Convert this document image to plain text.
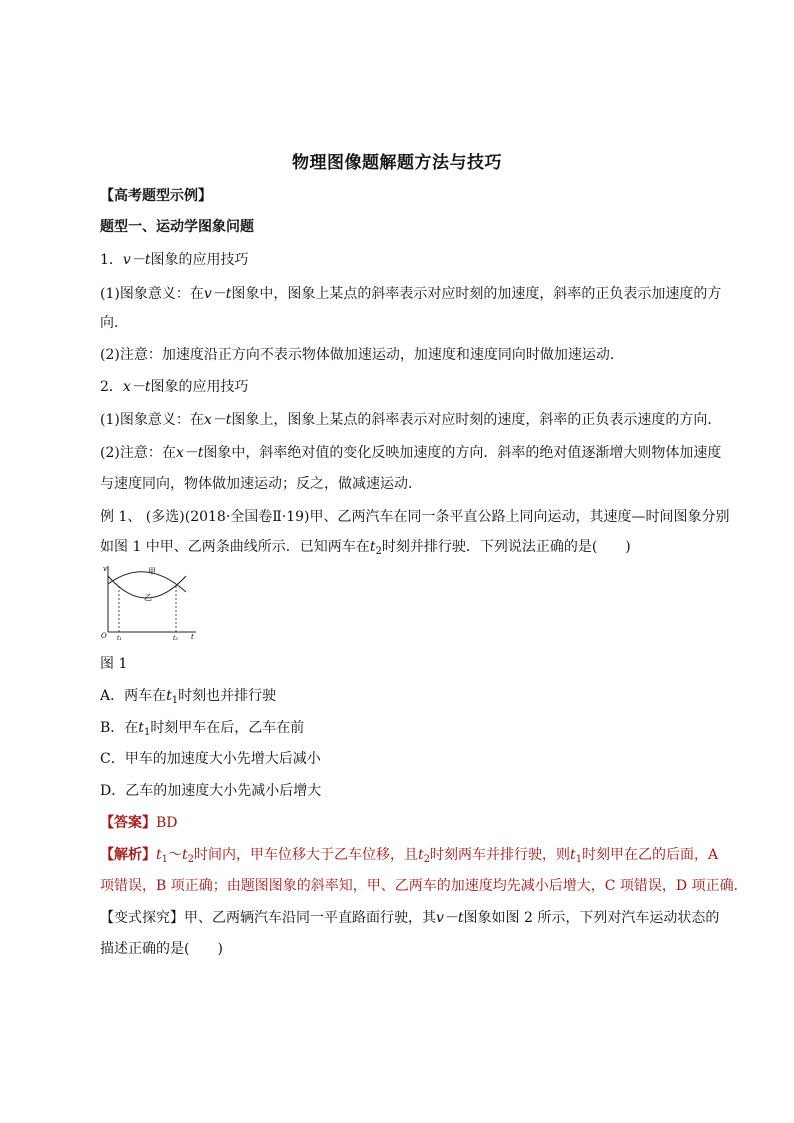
物理图像题解题方法与技巧
【高考题型示例】
题型一、运动学图象问题
1．v－t图象的应用技巧
(1)图象意义：在v－t图象中，图象上某点的斜率表示对应时刻的加速度，斜率的正负表示加速度的方
向．
(2)注意：加速度沿正方向不表示物体做加速运动，加速度和速度同向时做加速运动．
2．x－t图象的应用技巧
(1)图象意义：在x－t图象上，图象上某点的斜率表示对应时刻的速度，斜率的正负表示速度的方向．
(2)注意：在x－t图象中，斜率绝对值的变化反映加速度的方向．斜率的绝对值逐渐增大则物体加速度
与速度同向，物体做加速运动；反之，做减速运动．
例 1、 (多选)(2018·全国卷Ⅱ·19)甲、乙两汽车在同一条平直公路上同向运动，其速度—时间图象分别
如图 1 中甲、乙两条曲线所示．已知两车在$t_2$时刻并排行驶．下列说法正确的是(　　)
v
t
O
甲
乙
t₁	t₂
图 1
A．两车在$t_1$时刻也并排行驶
B．在$t_1$时刻甲车在后，乙车在前
C．甲车的加速度大小先增大后减小
D．乙车的加速度大小先减小后增大
【答案】BD
【解析】$t_1\sim t_2$时间内，甲车位移大于乙车位移，且$t_2$时刻两车并排行驶，则$t_1$时刻甲在乙的后面，A
项错误，B 项正确；由题图图象的斜率知，甲、乙两车的加速度均先减小后增大，C 项错误，D 项正确．
【变式探究】甲、乙两辆汽车沿同一平直路面行驶，其v－t图象如图 2 所示，下列对汽车运动状态的
描述正确的是(　　)
